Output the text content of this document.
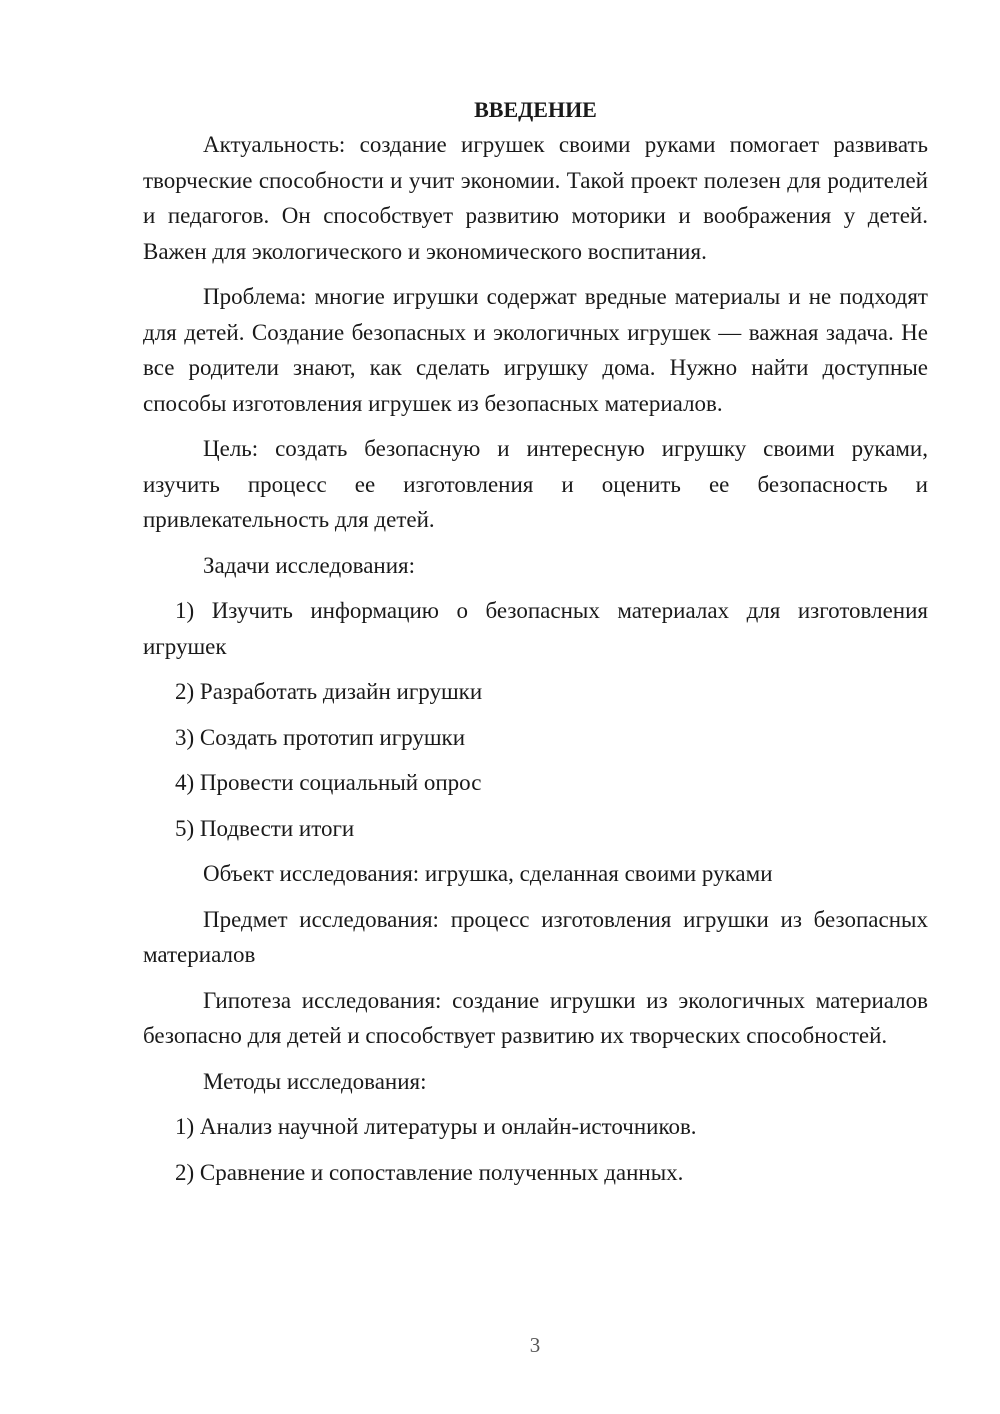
ВВЕДЕНИЕ

Актуальность: создание игрушек своими руками помогает развивать творческие способности и учит экономии. Такой проект полезен для родителей и педагогов. Он способствует развитию моторики и воображения у детей. Важен для экологического и экономического воспитания.

Проблема: многие игрушки содержат вредные материалы и не подходят для детей. Создание безопасных и экологичных игрушек — важная задача. Не все родители знают, как сделать игрушку дома. Нужно найти доступные способы изготовления игрушек из безопасных материалов.

Цель: создать безопасную и интересную игрушку своими руками, изучить процесс ее изготовления и оценить ее безопасность и привлекательность для детей.

Задачи исследования:

1) Изучить информацию о безопасных материалах для изготовления игрушек

2) Разработать дизайн игрушки

3) Создать прототип игрушки

4) Провести социальный опрос

5) Подвести итоги

Объект исследования: игрушка, сделанная своими руками

Предмет исследования: процесс изготовления игрушки из безопасных материалов

Гипотеза исследования: создание игрушки из экологичных материалов безопасно для детей и способствует развитию их творческих способностей.

Методы исследования:

1) Анализ научной литературы и онлайн-источников.

2) Сравнение и сопоставление полученных данных.

3
